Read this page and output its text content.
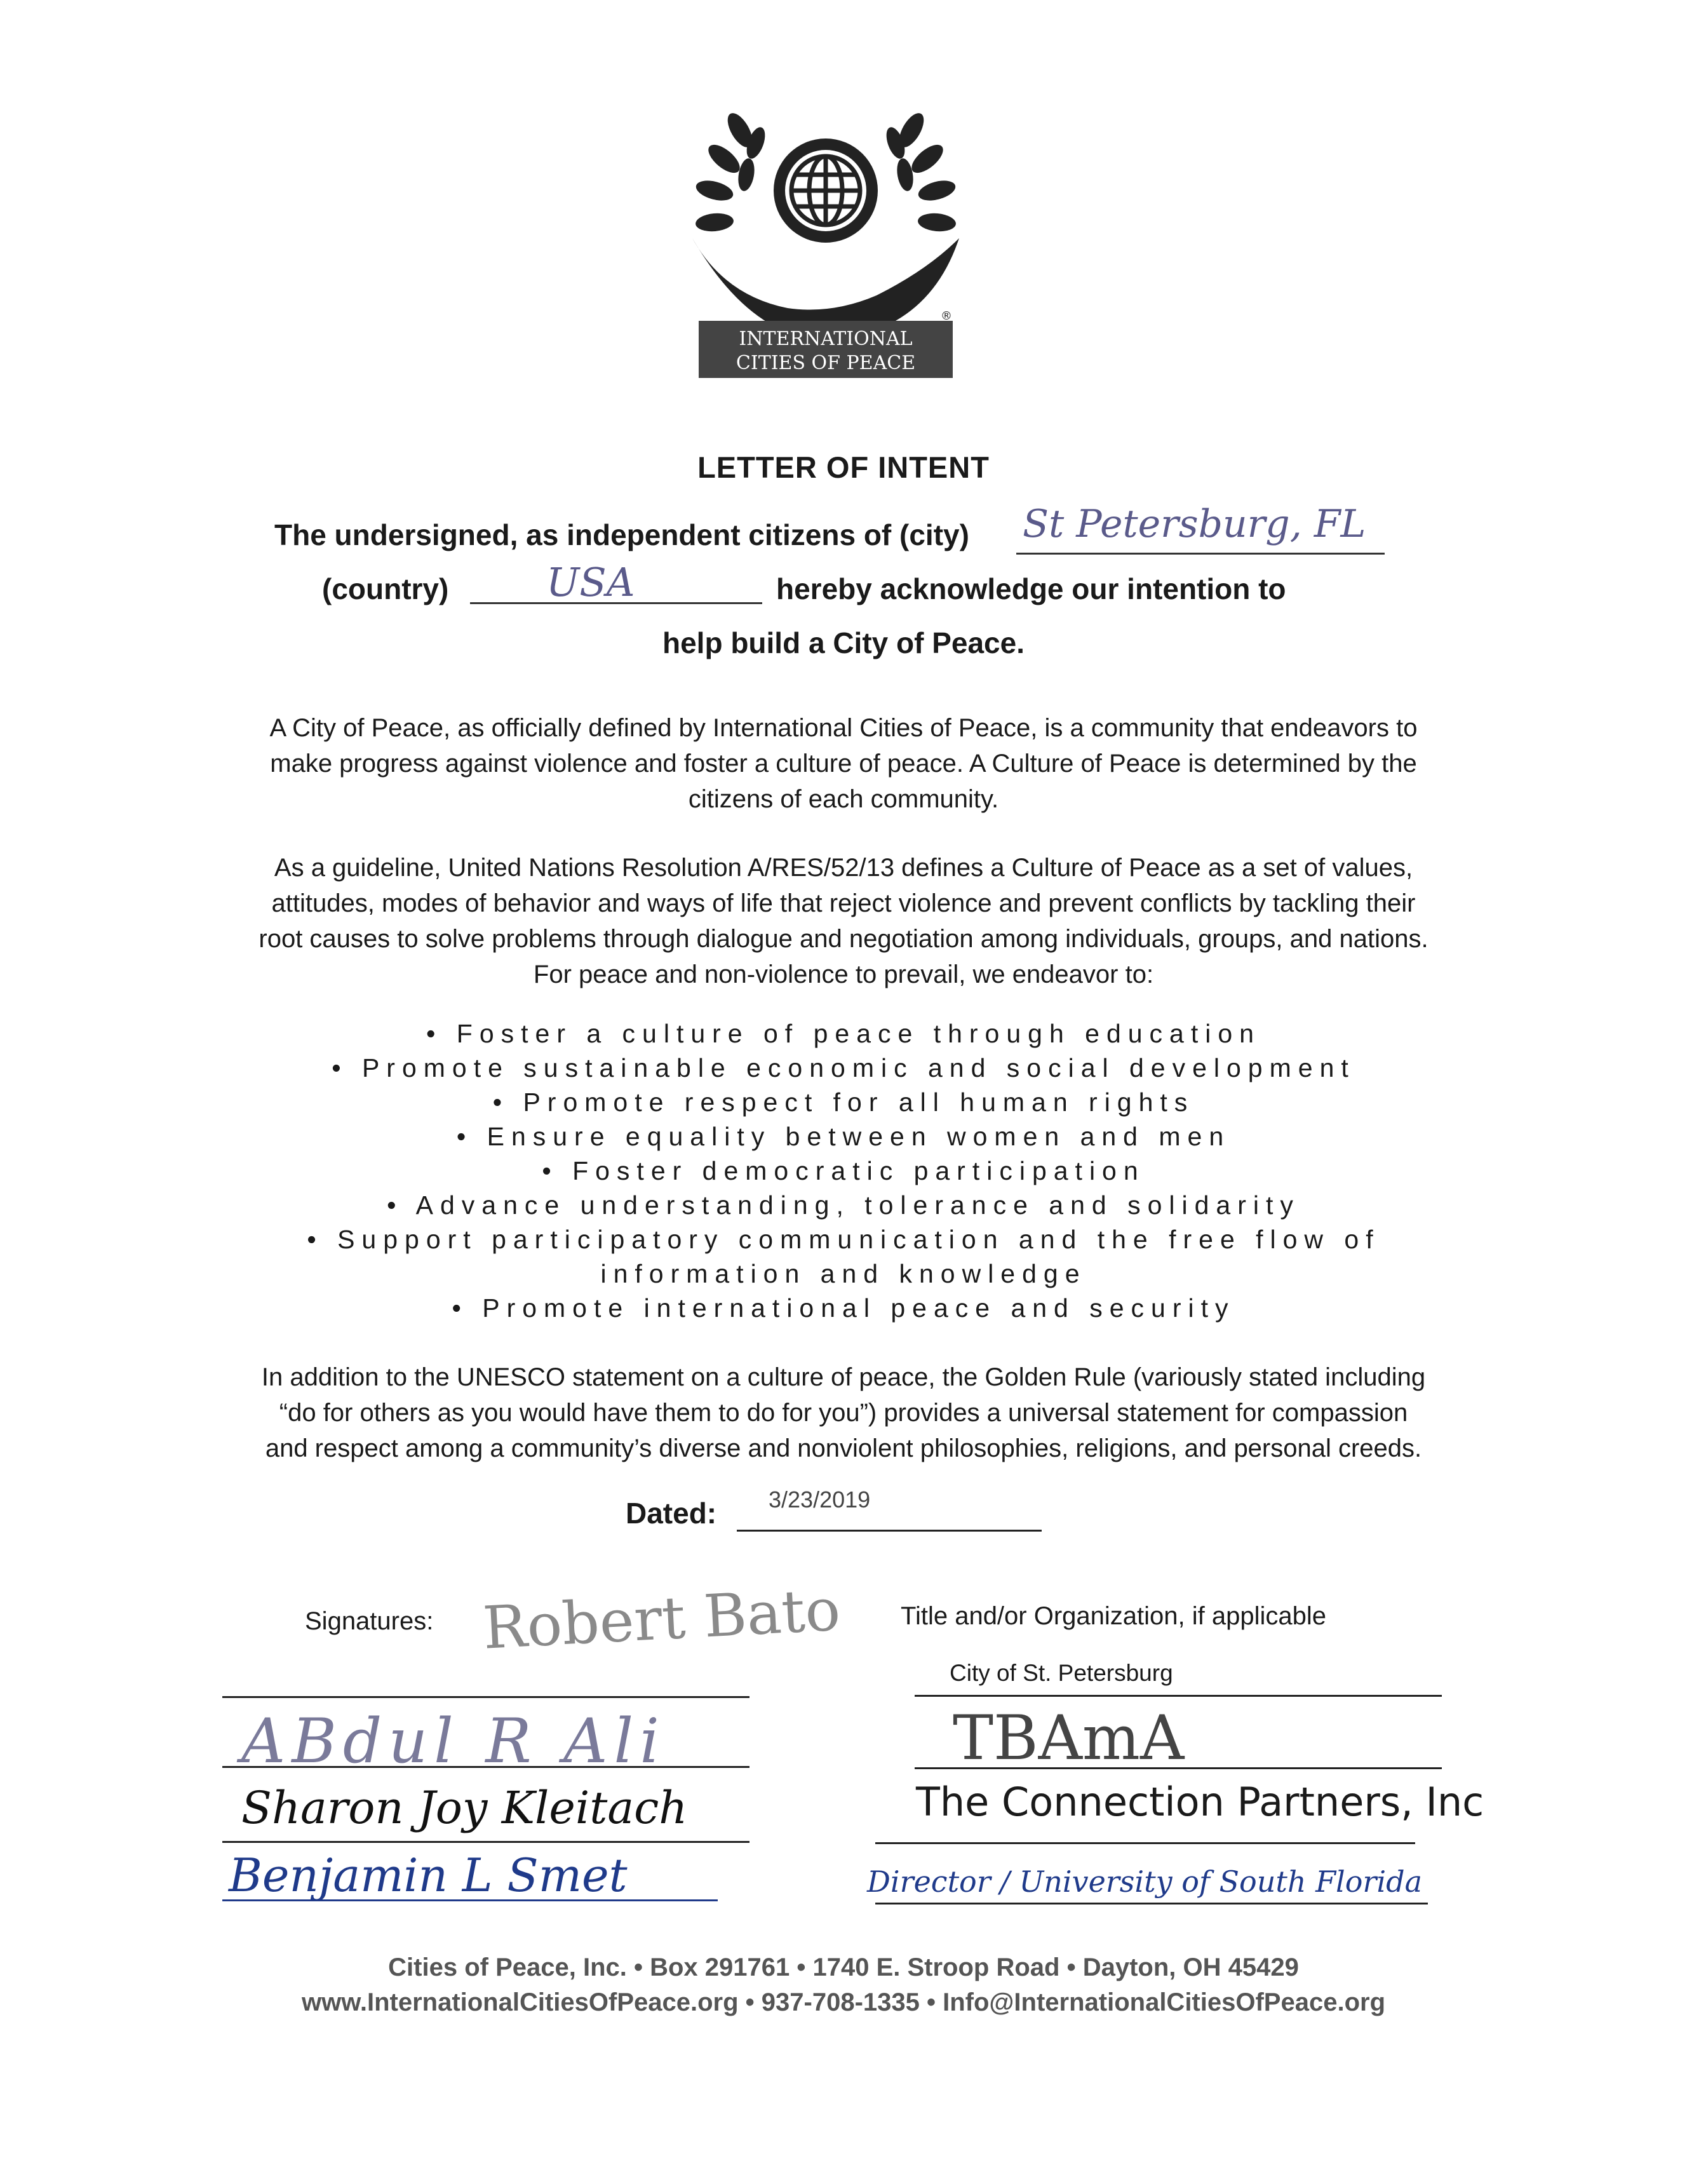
INTERNATIONAL
CITIES OF PEACE
®
LETTER OF INTENT
The undersigned, as independent citizens of (city) St Petersburg, FL
(country) USA	hereby acknowledge our intention to
help build a City of Peace.
A City of Peace, as officially defined by International Cities of Peace, is a community that endeavors to
make progress against violence and foster a culture of peace. A Culture of Peace is determined by the
citizens of each community.
As a guideline, United Nations Resolution A/RES/52/13 defines a Culture of Peace as a set of values,
attitudes, modes of behavior and ways of life that reject violence and prevent conflicts by tackling their
root causes to solve problems through dialogue and negotiation among individuals, groups, and nations.
For peace and non-violence to prevail, we endeavor to:
• Foster a culture of peace through education
• Promote sustainable economic and social development
• Promote respect for all human rights
• Ensure equality between women and men
• Foster democratic participation
• Advance understanding, tolerance and solidarity
• Support participatory communication and the free flow of
information and knowledge
• Promote international peace and security
In addition to the UNESCO statement on a culture of peace, the Golden Rule (variously stated including
“do for others as you would have them to do for you”) provides a universal statement for compassion
and respect among a community’s diverse and nonviolent philosophies, religions, and personal creeds.
Dated: 3/23/2019
Signatures: Robert Bato
ABdul R Ali
Sharon Joy Kleitach
Benjamin L Smet
Title and/or Organization, if applicable
City of St. Petersburg
TBAmA
The Connection Partners, Inc
Director / University of South Florida
Cities of Peace, Inc. • Box 291761 • 1740 E. Stroop Road • Dayton, OH 45429
www.InternationalCitiesOfPeace.org • 937-708-1335 • Info@InternationalCitiesOfPeace.org
